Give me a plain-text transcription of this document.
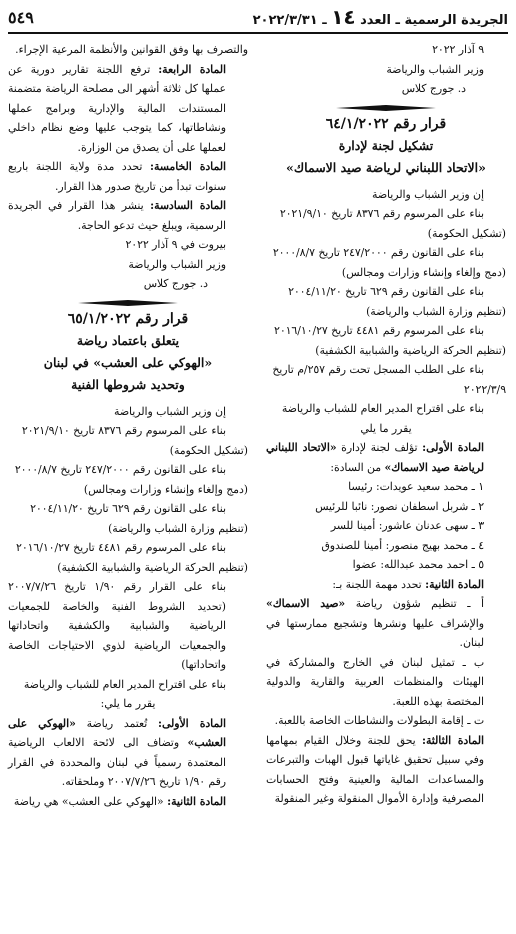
الجريدة الرسمية ـ العدد ١٤ ـ ٢٠٢٢/٣/٣١
٥٤٩

٩ آذار ٢٠٢٢

وزير الشباب والرياضة

د. جورج كلاس

قرار رقم ٦٤/١/٢٠٢٢

تشكيل لجنة لإدارة

«الاتحاد اللبناني لرياضة صيد الاسماك»

إن وزير الشباب والرياضة

بناء على المرسوم رقم ٨٣٧٦ تاريخ ٢٠٢١/٩/١٠

(تشكيل الحكومة)

بناء على القانون رقم ٢٤٧/٢٠٠٠ تاريخ ٢٠٠٠/٨/٧

(دمج وإلغاء وإنشاء وزارات ومجالس)

بناء على القانون رقم ٦٢٩ تاريخ ٢٠٠٤/١١/٢٠

(تنظيم وزارة الشباب والرياضة)

بناء على المرسوم رقم ٤٤٨١ تاريخ ٢٠١٦/١٠/٢٧

(تنظيم الحركة الرياضية والشبابية الكشفية)

بناء على الطلب المسجل تحت رقم ٢٥٧/م تاريخ

٢٠٢٢/٣/٩

بناء على اقتراح المدير العام للشباب والرياضة

يقرر ما يلي

المادة الأولى: تؤلف لجنة لإدارة «الاتحاد اللبناني لرياضة صيد الاسماك» من السادة:

١ ـ محمد سعيد عويدات: رئيسا

٢ ـ شربل اسطفان نصور: نائبا للرئيس

٣ ـ سهى عدنان عاشور: أمينا للسر

٤ ـ محمد بهيج منصور: أمينا للصندوق

٥ ـ احمد محمد عبدالله: عضوا

المادة الثانية: تحدد مهمة اللجنة بـ:

أ ـ تنظيم شؤون رياضة «صيد الاسماك» والإشراف عليها ونشرها وتشجيع ممارستها في لبنان.

ب ـ تمثيل لبنان في الخارج والمشاركة في الهيئات والمنظمات العربية والقارية والدولية المختصة بهذه اللعبة.

ت ـ إقامة البطولات والنشاطات الخاصة باللعبة.

المادة الثالثة: يحق للجنة وخلال القيام بمهامها وفي سبيل تحقيق غاياتها قبول الهبات والتبرعات والمساعدات المالية والعينية وفتح الحسابات المصرفية وإدارة الأموال المنقولة وغير المنقولة

والتصرف بها وفق القوانين والأنظمة المرعية الإجراء.

المادة الرابعة: ترفع اللجنة تقارير دورية عن عملها كل ثلاثة أشهر الى مصلحة الرياضة متضمنة المستندات المالية والإدارية وبرامج عملها ونشاطاتها، كما يتوجب عليها وضع نظام داخلي لعملها على أن يصدق من الوزارة.

المادة الخامسة: تحدد مدة ولاية اللجنة باربع سنوات تبدأ من تاريخ صدور هذا القرار.

المادة السادسة: ينشر هذا القرار في الجريدة الرسمية، ويبلغ حيث تدعو الحاجة.

بيروت في ٩ آذار ٢٠٢٢

وزير الشباب والرياضة

د. جورج كلاس

قرار رقم ٦٥/١/٢٠٢٢

يتعلق باعتماد رياضة

«الهوكي على العشب» في لبنان

وتحديد شروطها الفنية

إن وزير الشباب والرياضة

بناء على المرسوم رقم ٨٣٧٦ تاريخ ٢٠٢١/٩/١٠

(تشكيل الحكومة)

بناء على القانون رقم ٢٤٧/٢٠٠٠ تاريخ ٢٠٠٠/٨/٧

(دمج وإلغاء وإنشاء وزارات ومجالس)

بناء على القانون رقم ٦٢٩ تاريخ ٢٠٠٤/١١/٢٠

(تنظيم وزارة الشباب والرياضة)

بناء على المرسوم رقم ٤٤٨١ تاريخ ٢٠١٦/١٠/٢٧

(تنظيم الحركة الرياضية والشبابية الكشفية)

بناء على القرار رقم ١/٩٠ تاريخ ٢٠٠٧/٧/٢٦ (تحديد الشروط الفنية والخاصة للجمعيات الرياضية والشبابية والكشفية واتحاداتها والجمعيات الرياضية لذوي الاحتياجات الخاصة واتحاداتها)

بناء على اقتراح المدير العام للشباب والرياضة

يقرر ما يلي:

المادة الأولى: تُعتمد رياضة «الهوكي على العشب» وتضاف الى لائحة الالعاب الرياضية المعتمدة رسمياً في لبنان والمحددة في القرار رقم ١/٩٠ تاريخ ٢٠٠٧/٧/٢٦ وملحقاته.

المادة الثانية: «الهوكي على العشب» هي رياضة
